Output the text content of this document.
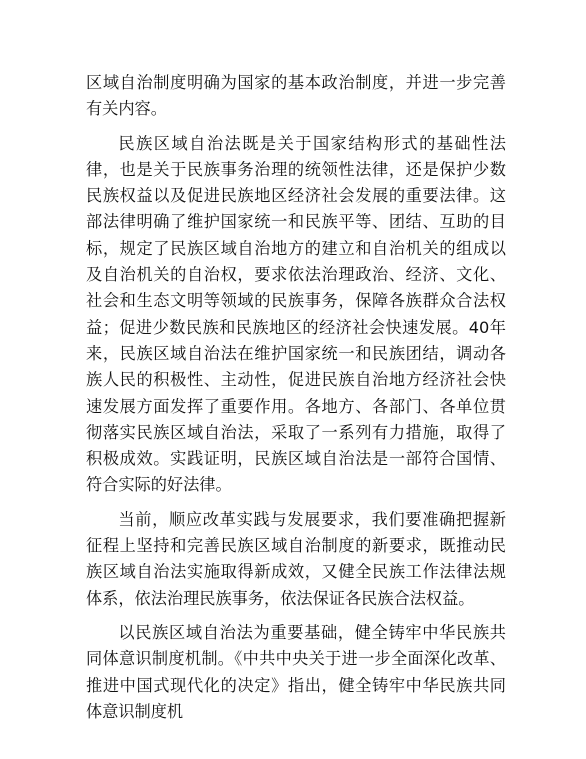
区域自治制度明确为国家的基本政治制度，并进一步完善有关内容。

民族区域自治法既是关于国家结构形式的基础性法律，也是关于民族事务治理的统领性法律，还是保护少数民族权益以及促进民族地区经济社会发展的重要法律。这部法律明确了维护国家统一和民族平等、团结、互助的目标，规定了民族区域自治地方的建立和自治机关的组成以及自治机关的自治权，要求依法治理政治、经济、文化、社会和生态文明等领域的民族事务，保障各族群众合法权益；促进少数民族和民族地区的经济社会快速发展。40年来，民族区域自治法在维护国家统一和民族团结，调动各族人民的积极性、主动性，促进民族自治地方经济社会快速发展方面发挥了重要作用。各地方、各部门、各单位贯彻落实民族区域自治法，采取了一系列有力措施，取得了积极成效。实践证明，民族区域自治法是一部符合国情、符合实际的好法律。

当前，顺应改革实践与发展要求，我们要准确把握新征程上坚持和完善民族区域自治制度的新要求，既推动民族区域自治法实施取得新成效，又健全民族工作法律法规体系，依法治理民族事务，依法保证各民族合法权益。

以民族区域自治法为重要基础，健全铸牢中华民族共同体意识制度机制。《中共中央关于进一步全面深化改革、推进中国式现代化的决定》指出，健全铸牢中华民族共同体意识制度机
